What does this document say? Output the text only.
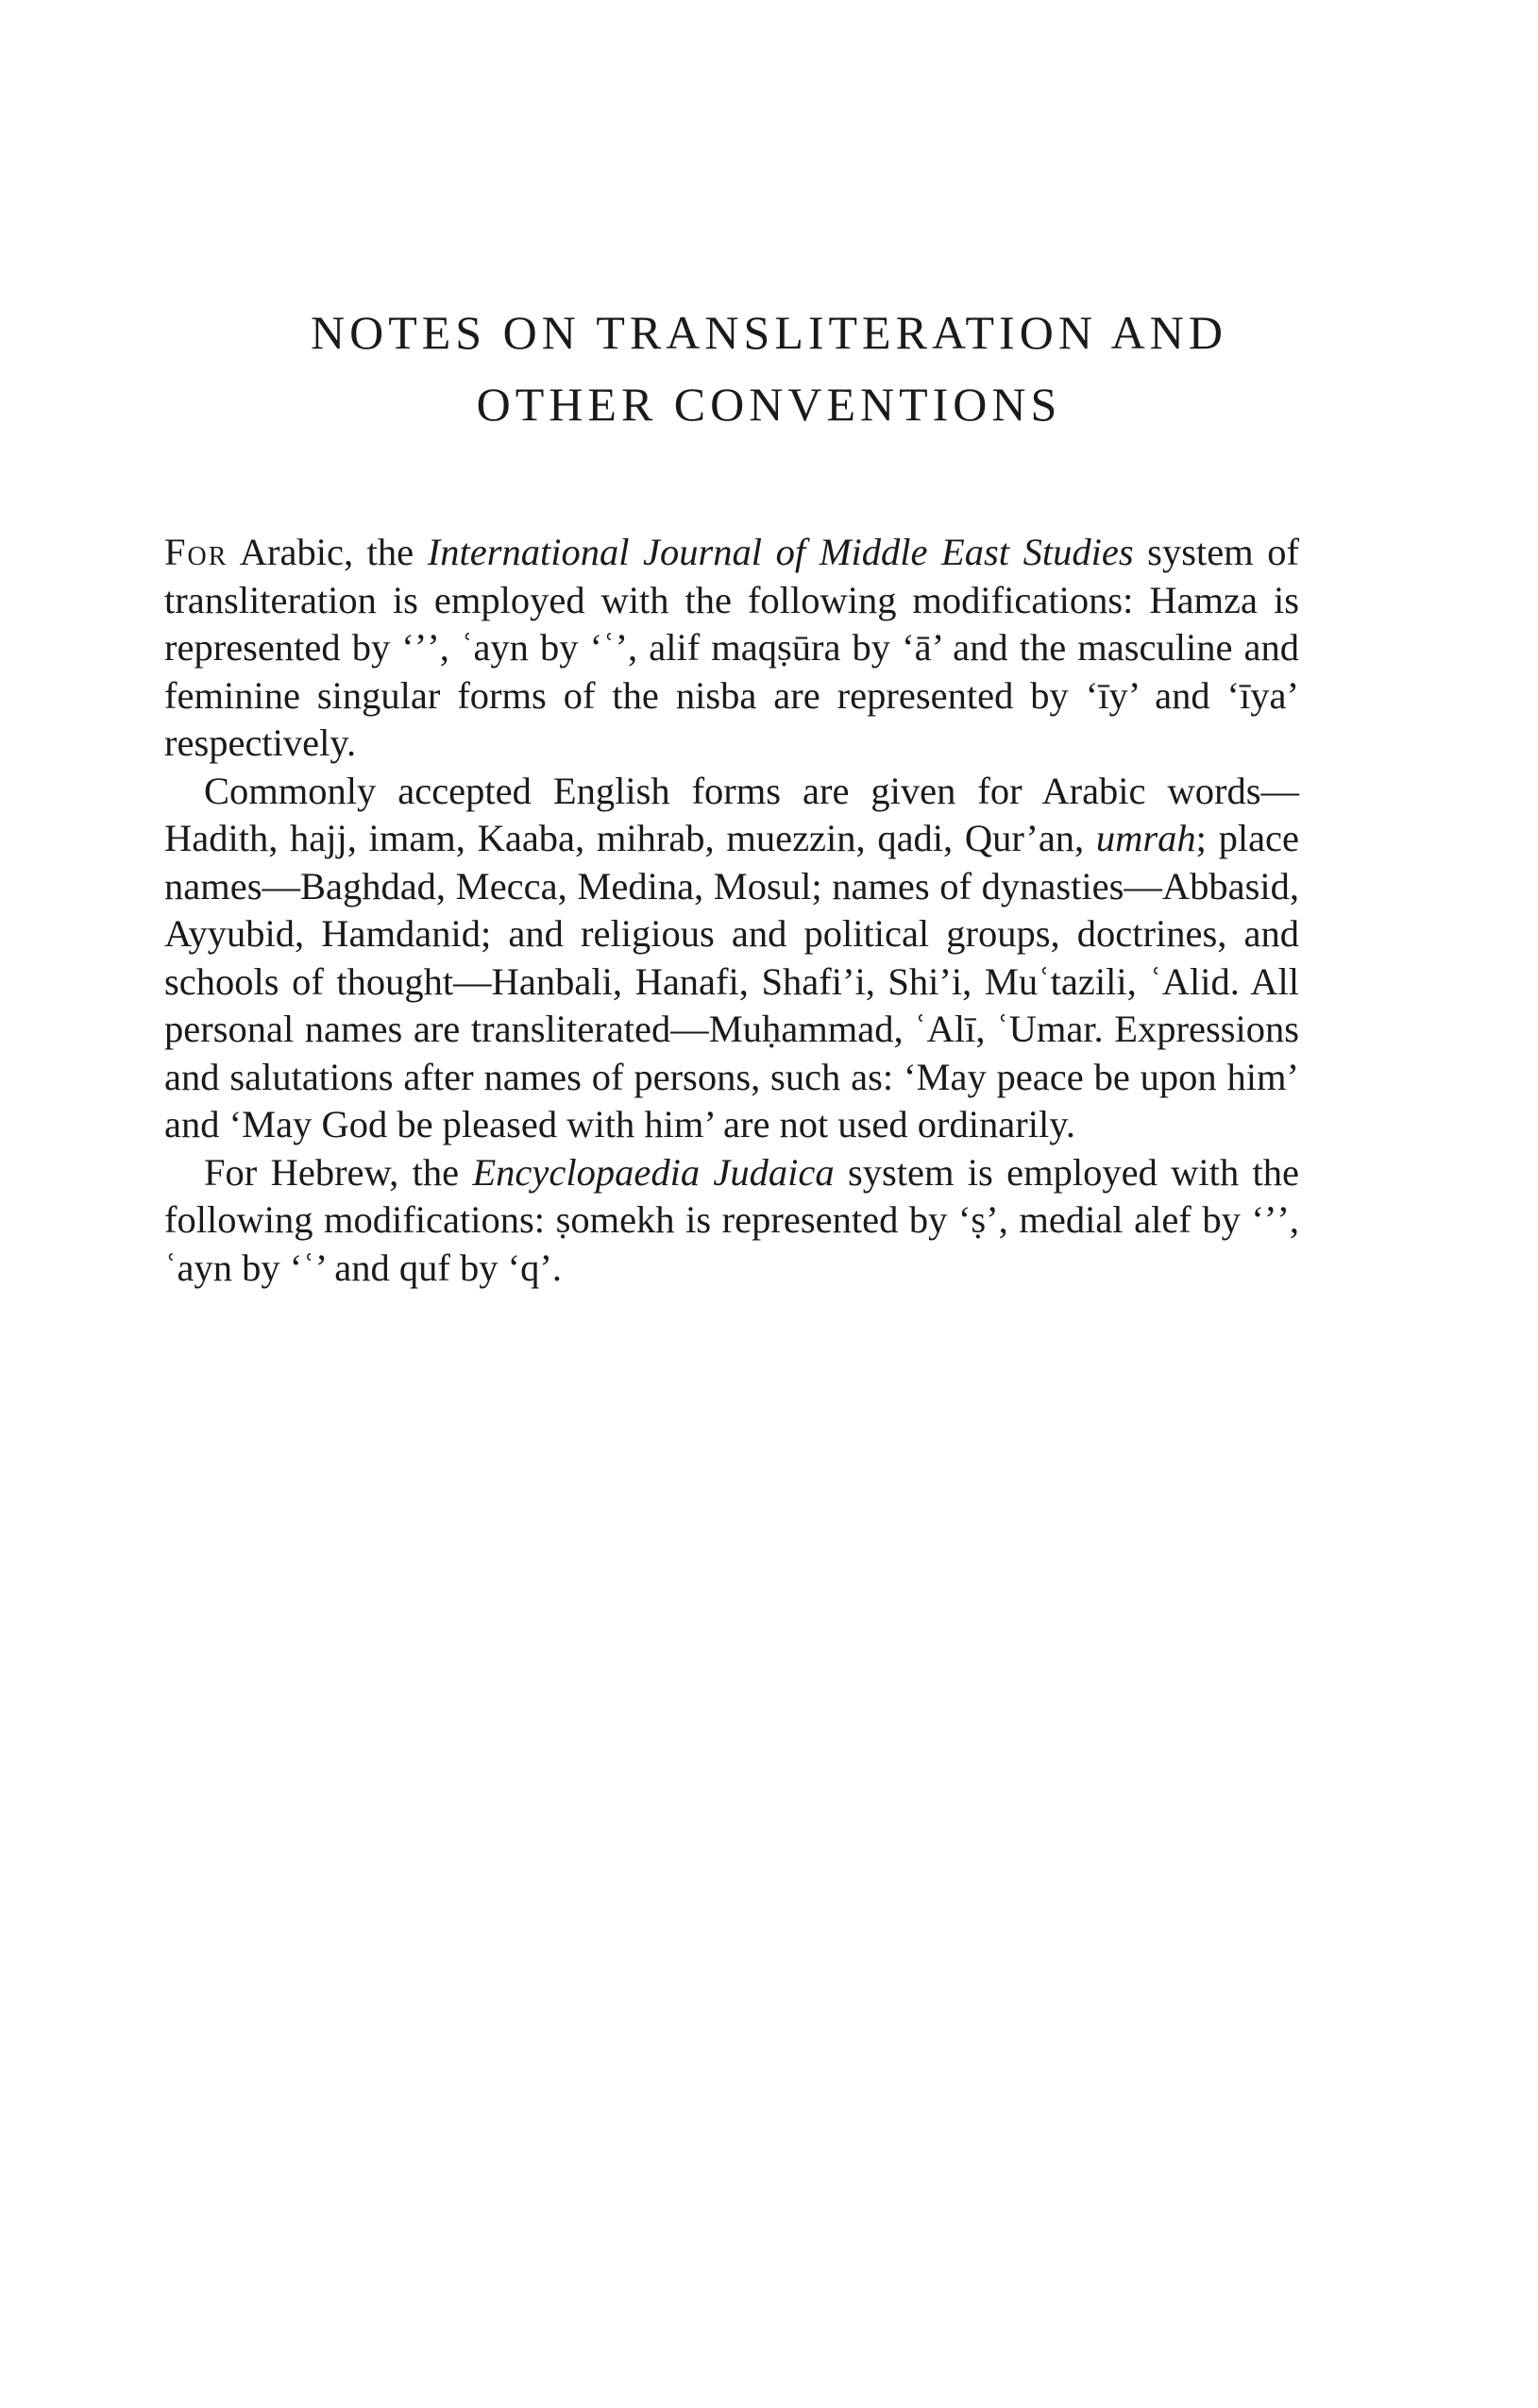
NOTES ON TRANSLITERATION AND
OTHER CONVENTIONS

For Arabic, the International Journal of Middle East Studies system of transliteration is employed with the following modifications: Hamza is represented by ‘ʼ’, ʿayn by ‘ʿ’, alif maqṣūra by ‘ā’ and the masculine and feminine singular forms of the nisba are represented by ‘īy’ and ‘īya’ respectively.

Commonly accepted English forms are given for Arabic words—Hadith, hajj, imam, Kaaba, mihrab, muezzin, qadi, Qur’an, umrah; place names—Baghdad, Mecca, Medina, Mosul; names of dynasties—Abbasid, Ayyubid, Hamdanid; and religious and political groups, doctrines, and schools of thought—Hanbali, Hanafi, Shafi’i, Shi’i, Muʿtazili, ʿAlid. All personal names are transliterated—Muḥammad, ʿAlī, ʿUmar. Expressions and salutations after names of persons, such as: ‘May peace be upon him’ and ‘May God be pleased with him’ are not used ordinarily.

For Hebrew, the Encyclopaedia Judaica system is employed with the following modifications: ṣomekh is represented by ‘ṣ’, medial alef by ‘ʼ’, ʿayn by ‘ʿ’ and quf by ‘q’.
